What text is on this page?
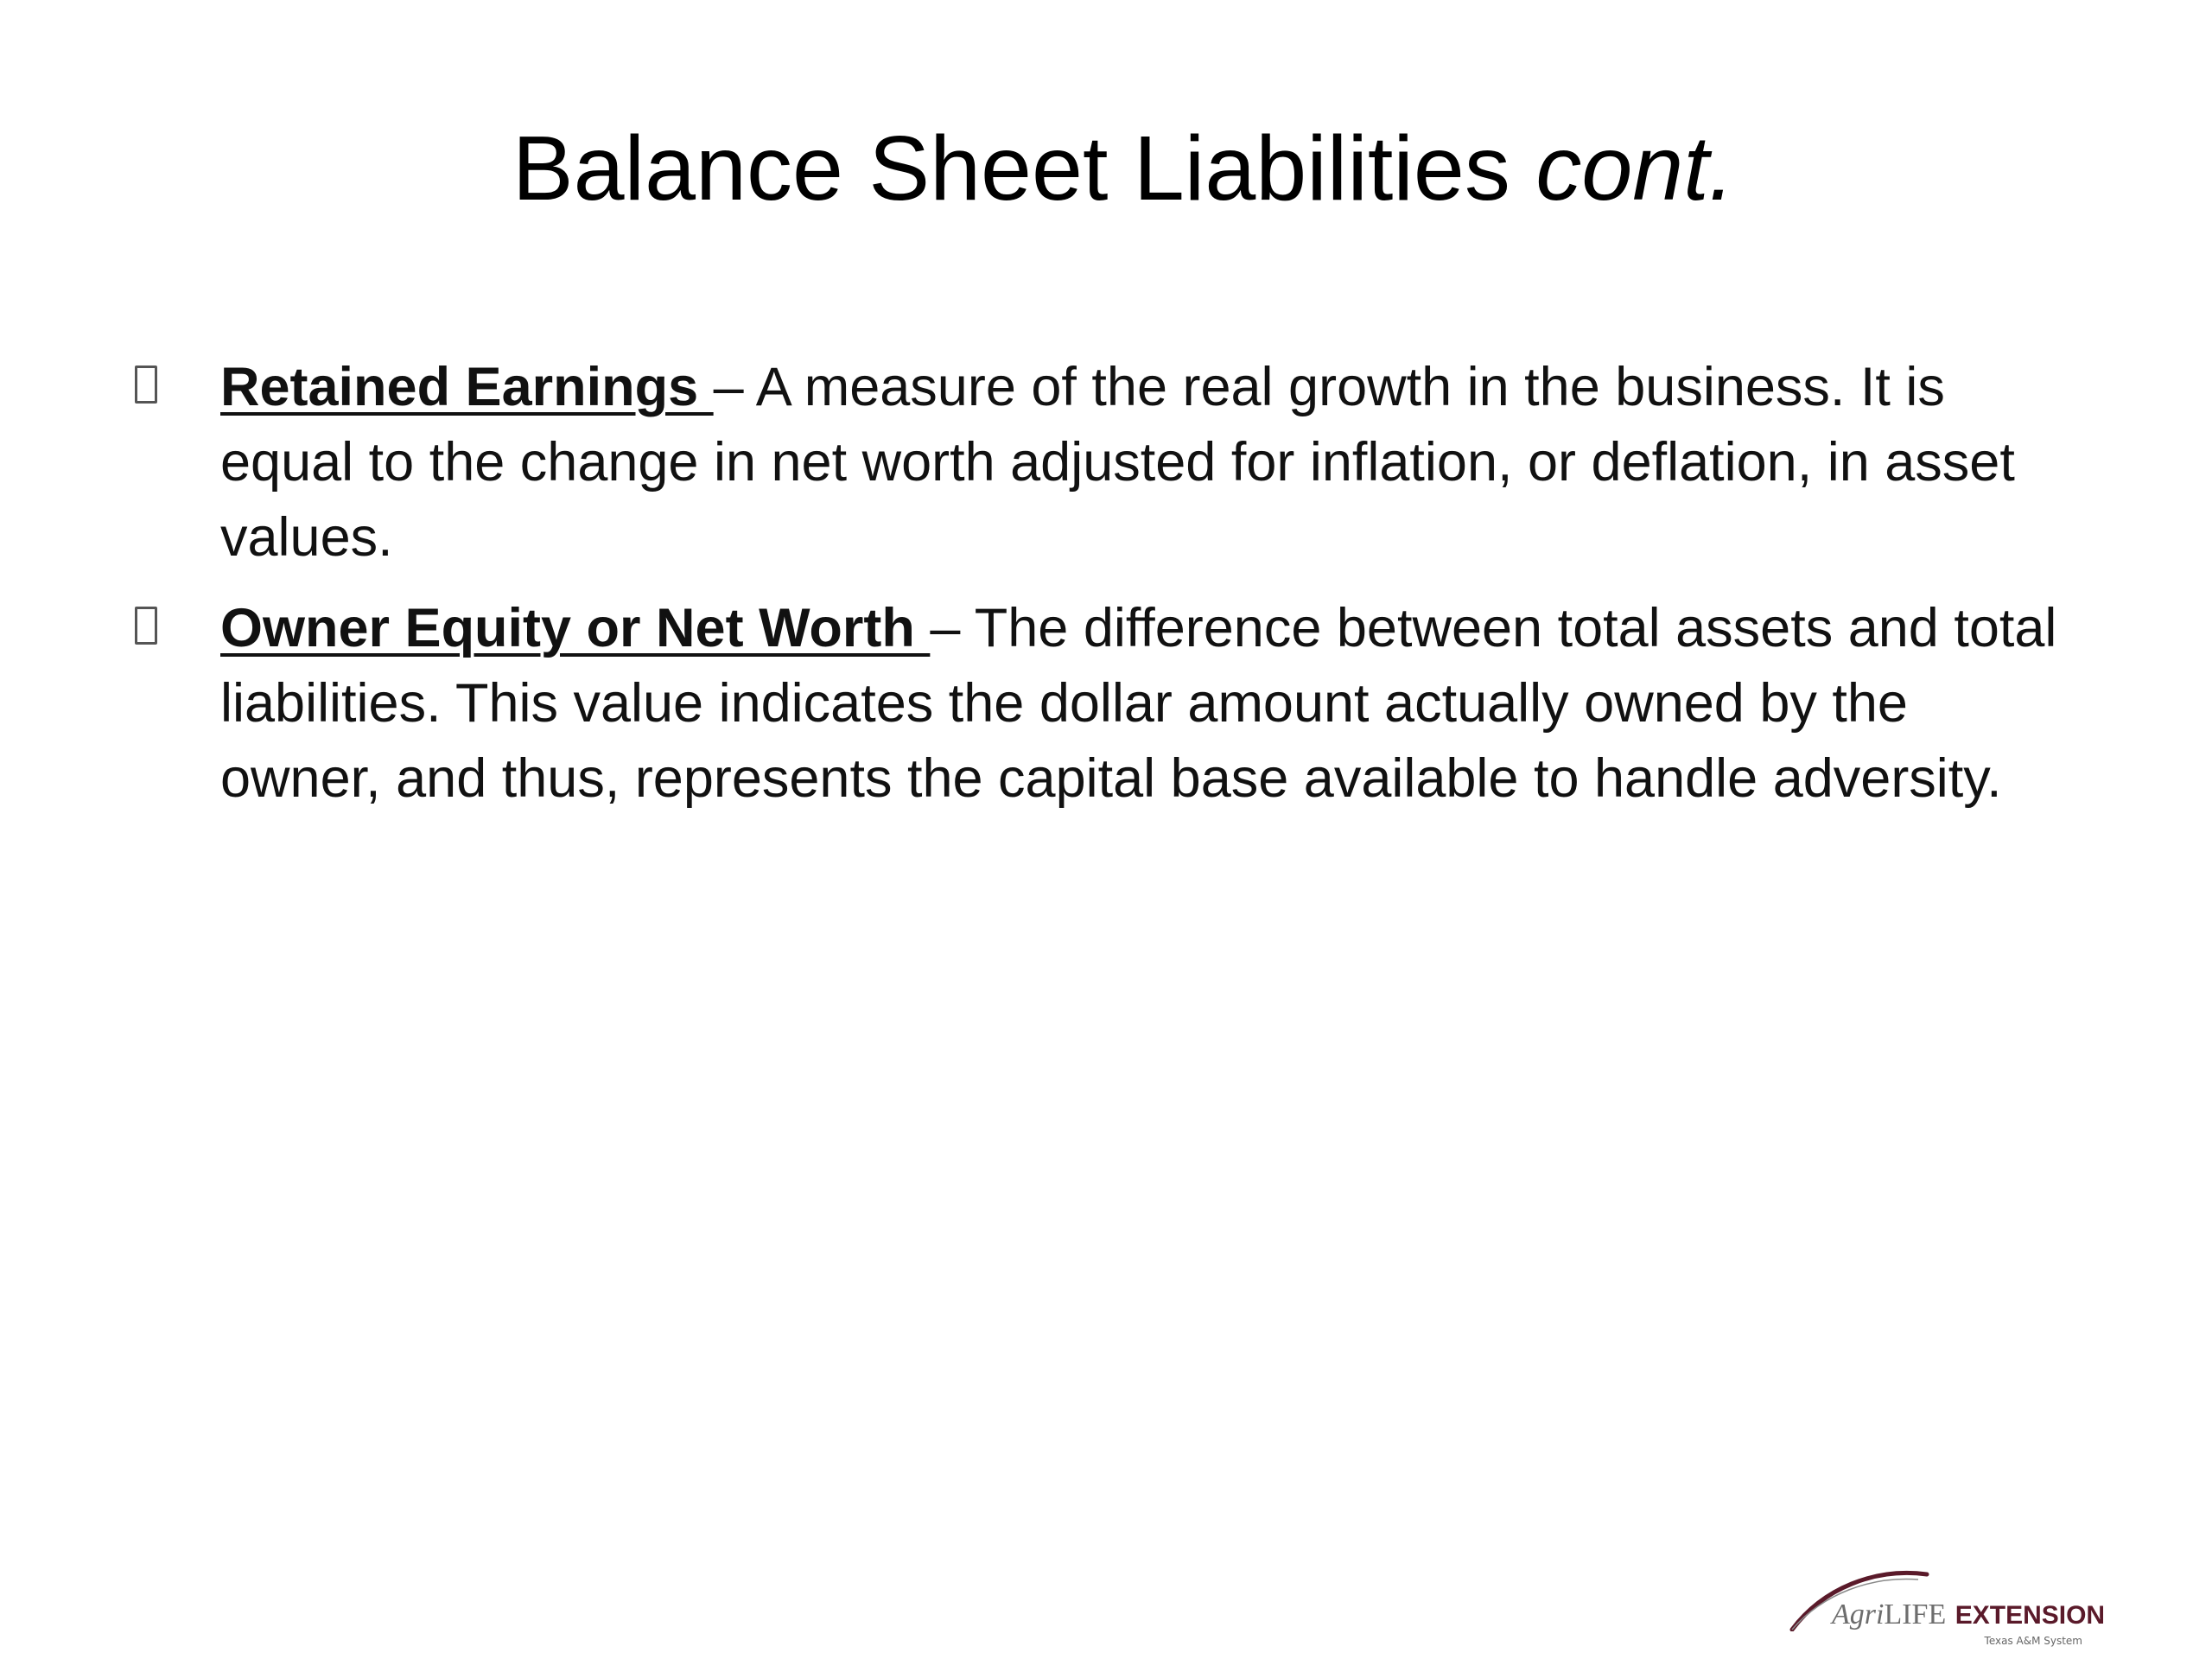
Balance Sheet Liabilities cont.
Retained Earnings – A measure of the real growth in the business. It is equal to the change in net worth adjusted for inflation, or deflation, in asset values.
Owner Equity or Net Worth – The difference between total assets and total liabilities. This value indicates the dollar amount actually owned by the owner, and thus, represents the capital base available to handle adversity.
AgriLIFE EXTENSION
Texas A&M System
